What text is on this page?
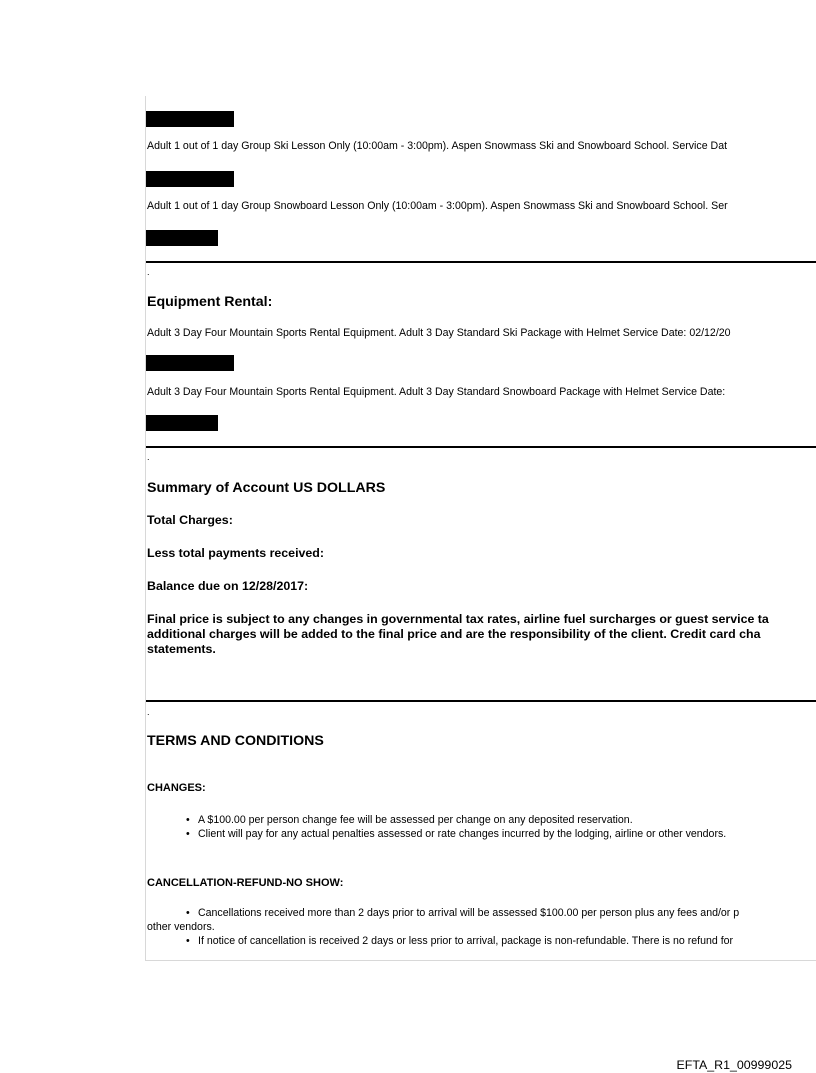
Adult 1 out of 1 day Group Ski Lesson Only (10:00am - 3:00pm). Aspen Snowmass Ski and Snowboard School. Service Dat
Adult 1 out of 1 day Group Snowboard Lesson Only (10:00am - 3:00pm). Aspen Snowmass Ski and Snowboard School. Ser
.
Equipment Rental:
Adult 3 Day Four Mountain Sports Rental Equipment. Adult 3 Day Standard Ski Package with Helmet Service Date: 02/12/20
Adult 3 Day Four Mountain Sports Rental Equipment. Adult 3 Day Standard Snowboard Package with Helmet Service Date:
.
Summary of Account US DOLLARS
Total Charges:
Less total payments received:
Balance due on 12/28/2017:
Final price is subject to any changes in governmental tax rates, airline fuel surcharges or guest service ta
additional charges will be added to the final price and are the responsibility of the client. Credit card cha
statements.
.
TERMS AND CONDITIONS
CHANGES:
• A $100.00 per person change fee will be assessed per change on any deposited reservation.
• Client will pay for any actual penalties assessed or rate changes incurred by the lodging, airline or other vendors.
CANCELLATION-REFUND-NO SHOW:
• Cancellations received more than 2 days prior to arrival will be assessed $100.00 per person plus any fees and/or p
other vendors.
• If notice of cancellation is received 2 days or less prior to arrival, package is non-refundable. There is no refund for
EFTA_R1_00999025
